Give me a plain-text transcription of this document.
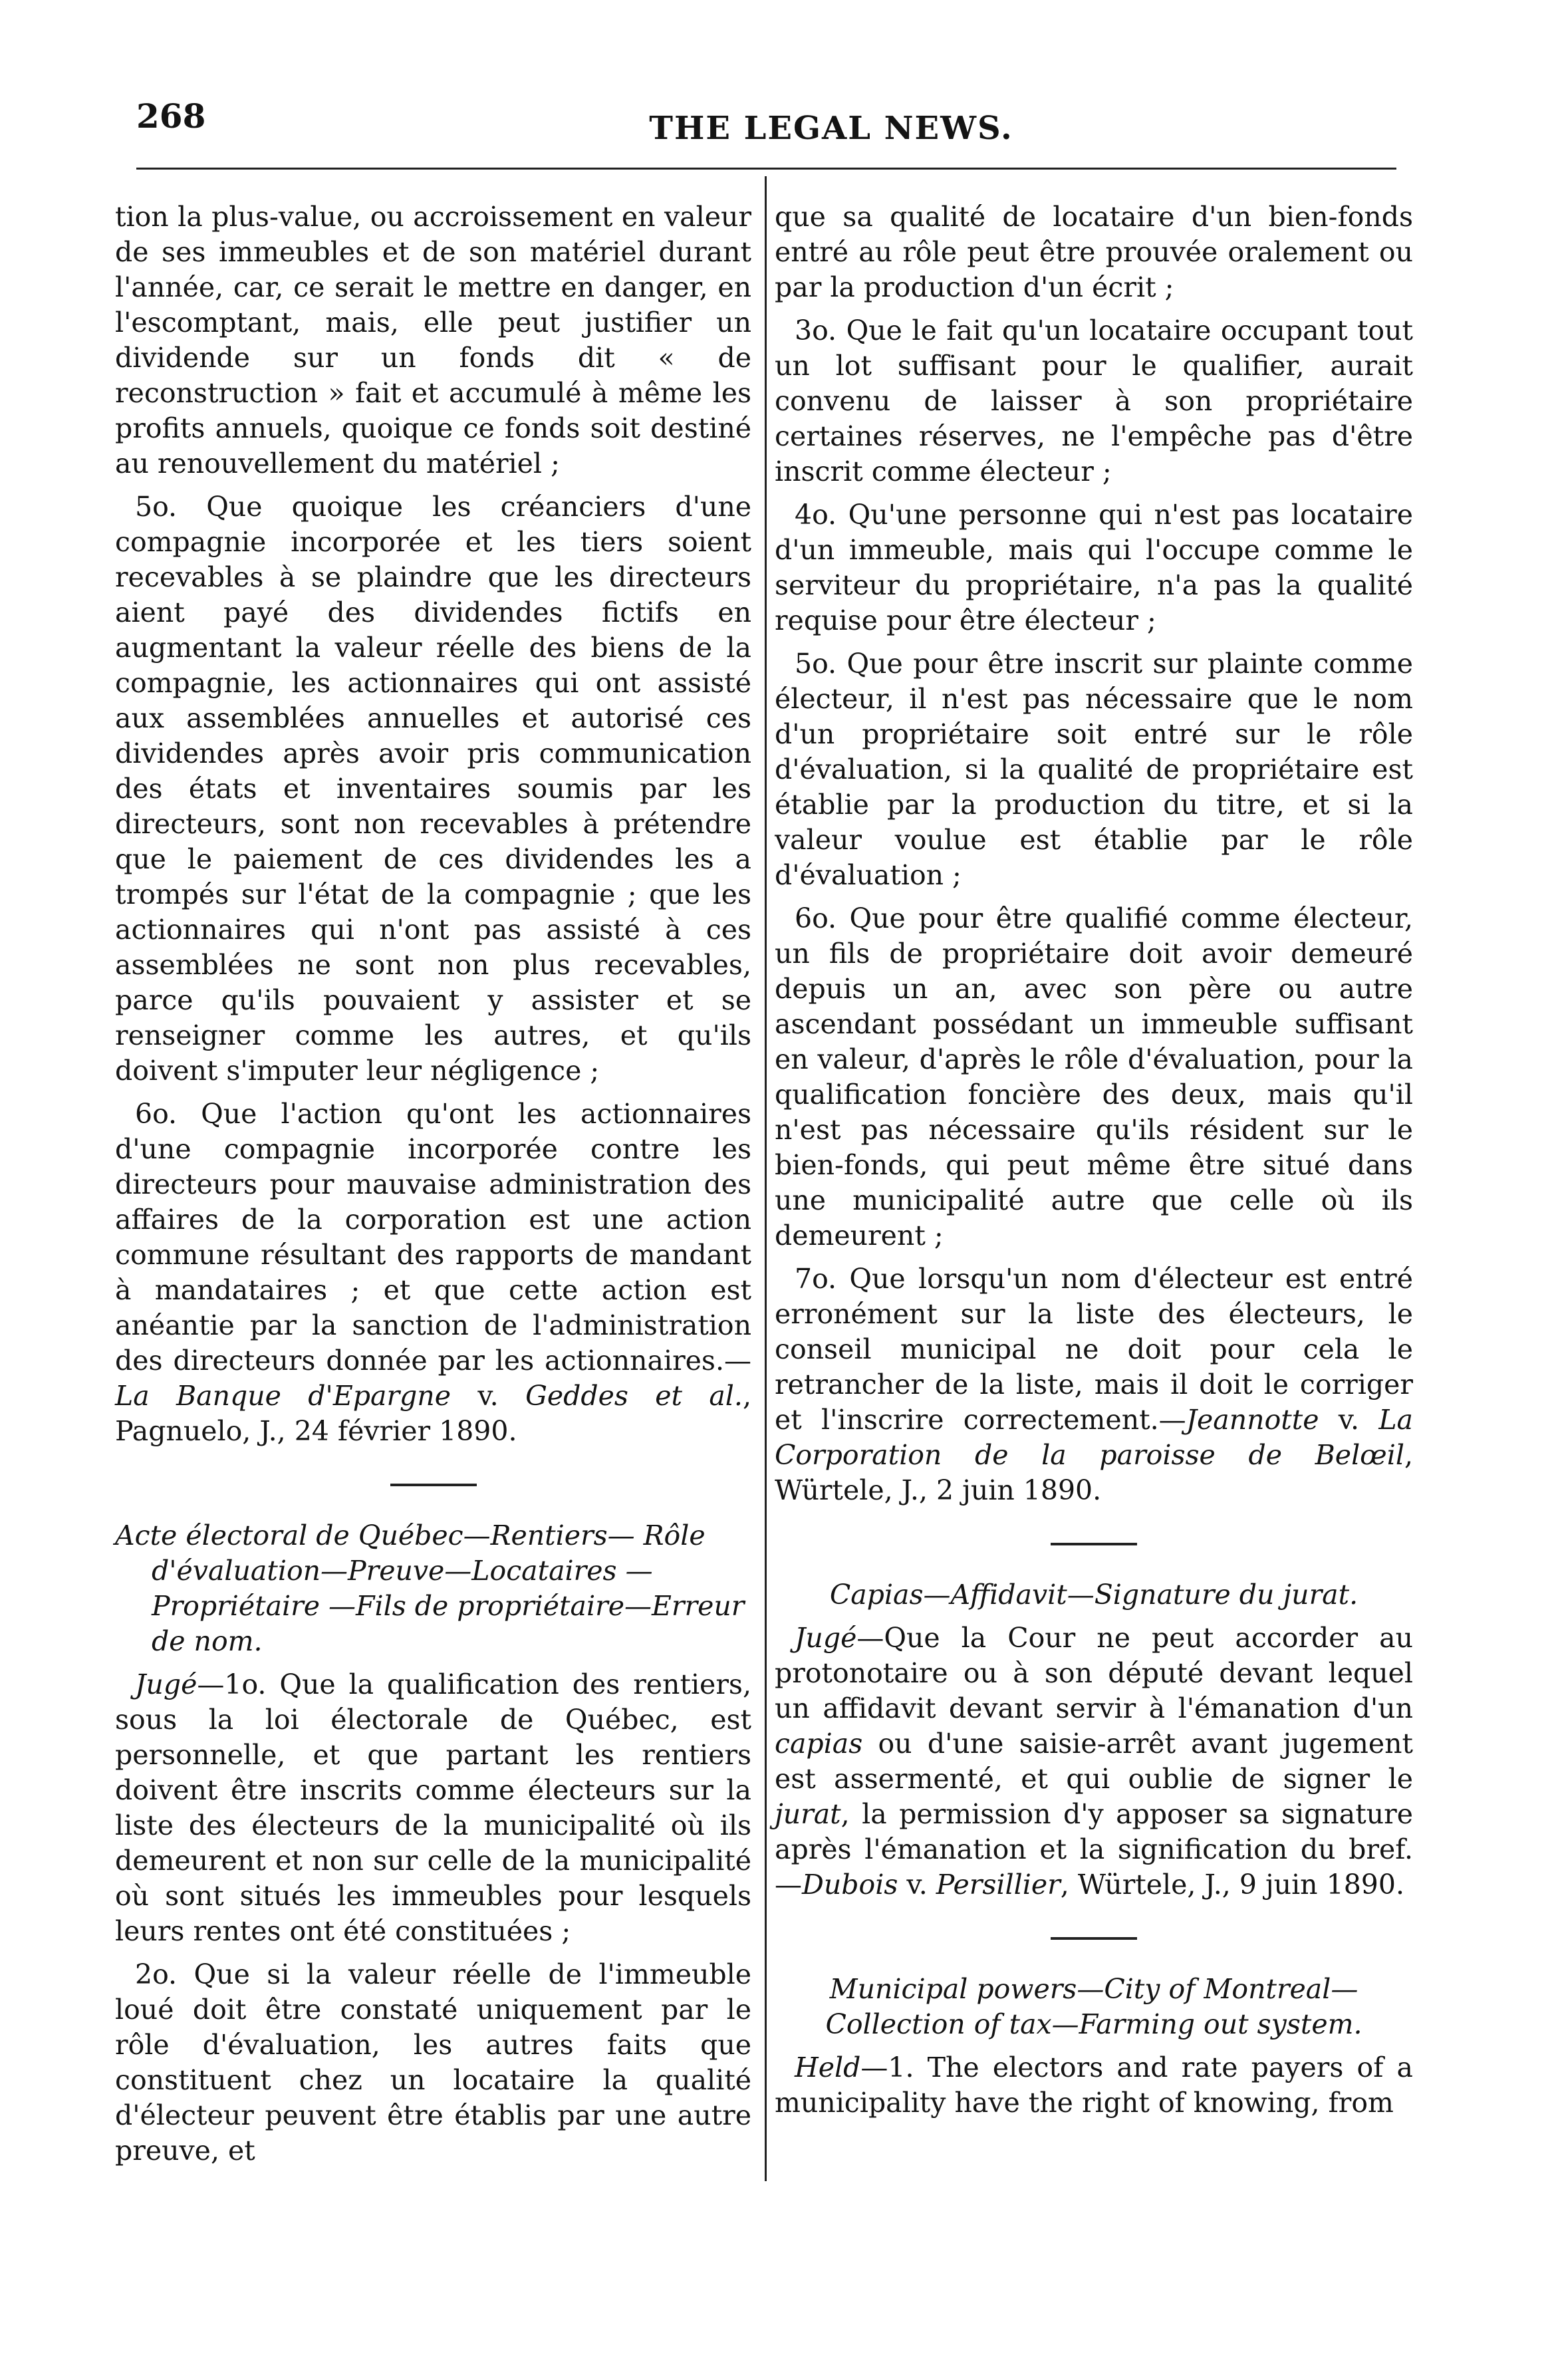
268	THE LEGAL NEWS.

tion la plus-value, ou accroissement en valeur de ses immeubles et de son matériel durant l'année, car, ce serait le mettre en danger, en l'escomptant, mais, elle peut justifier un dividende sur un fonds dit « de reconstruction » fait et accumulé à même les profits annuels, quoique ce fonds soit destiné au renouvellement du matériel ;

5o. Que quoique les créanciers d'une compagnie incorporée et les tiers soient recevables à se plaindre que les directeurs aient payé des dividendes fictifs en augmentant la valeur réelle des biens de la compagnie, les actionnaires qui ont assisté aux assemblées annuelles et autorisé ces dividendes après avoir pris communication des états et inventaires soumis par les directeurs, sont non recevables à prétendre que le paiement de ces dividendes les a trompés sur l'état de la compagnie ; que les actionnaires qui n'ont pas assisté à ces assemblées ne sont non plus recevables, parce qu'ils pouvaient y assister et se renseigner comme les autres, et qu'ils doivent s'imputer leur négligence ;

6o. Que l'action qu'ont les actionnaires d'une compagnie incorporée contre les directeurs pour mauvaise administration des affaires de la corporation est une action commune résultant des rapports de mandant à mandataires ; et que cette action est anéantie par la sanction de l'administration des directeurs donnée par les actionnaires.—La Banque d'Epargne v. Geddes et al., Pagnuelo, J., 24 février 1890.

Acte électoral de Québec—Rentiers— Rôle d'évaluation—Preuve—Locataires — Propriétaire —Fils de propriétaire—Erreur de nom.

Jugé—1o. Que la qualification des rentiers, sous la loi électorale de Québec, est personnelle, et que partant les rentiers doivent être inscrits comme électeurs sur la liste des électeurs de la municipalité où ils demeurent et non sur celle de la municipalité où sont situés les immeubles pour lesquels leurs rentes ont été constituées ;

2o. Que si la valeur réelle de l'immeuble loué doit être constaté uniquement par le rôle d'évaluation, les autres faits que constituent chez un locataire la qualité d'électeur peuvent être établis par une autre preuve, et

que sa qualité de locataire d'un bien-fonds entré au rôle peut être prouvée oralement ou par la production d'un écrit ;

3o. Que le fait qu'un locataire occupant tout un lot suffisant pour le qualifier, aurait convenu de laisser à son propriétaire certaines réserves, ne l'empêche pas d'être inscrit comme électeur ;

4o. Qu'une personne qui n'est pas locataire d'un immeuble, mais qui l'occupe comme le serviteur du propriétaire, n'a pas la qualité requise pour être électeur ;

5o. Que pour être inscrit sur plainte comme électeur, il n'est pas nécessaire que le nom d'un propriétaire soit entré sur le rôle d'évaluation, si la qualité de propriétaire est établie par la production du titre, et si la valeur voulue est établie par le rôle d'évaluation ;

6o. Que pour être qualifié comme électeur, un fils de propriétaire doit avoir demeuré depuis un an, avec son père ou autre ascendant possédant un immeuble suffisant en valeur, d'après le rôle d'évaluation, pour la qualification foncière des deux, mais qu'il n'est pas nécessaire qu'ils résident sur le bien-fonds, qui peut même être situé dans une municipalité autre que celle où ils demeurent ;

7o. Que lorsqu'un nom d'électeur est entré erronément sur la liste des électeurs, le conseil municipal ne doit pour cela le retrancher de la liste, mais il doit le corriger et l'inscrire correctement.—Jeannotte v. La Corporation de la paroisse de Belœil, Würtele, J., 2 juin 1890.

Capias—Affidavit—Signature du jurat.

Jugé—Que la Cour ne peut accorder au protonotaire ou à son député devant lequel un affidavit devant servir à l'émanation d'un capias ou d'une saisie-arrêt avant jugement est assermenté, et qui oublie de signer le jurat, la permission d'y apposer sa signature après l'émanation et la signification du bref.—Dubois v. Persillier, Würtele, J., 9 juin 1890.

Municipal powers—City of Montreal—Collection of tax—Farming out system.

Held—1. The electors and rate payers of a municipality have the right of knowing, from
